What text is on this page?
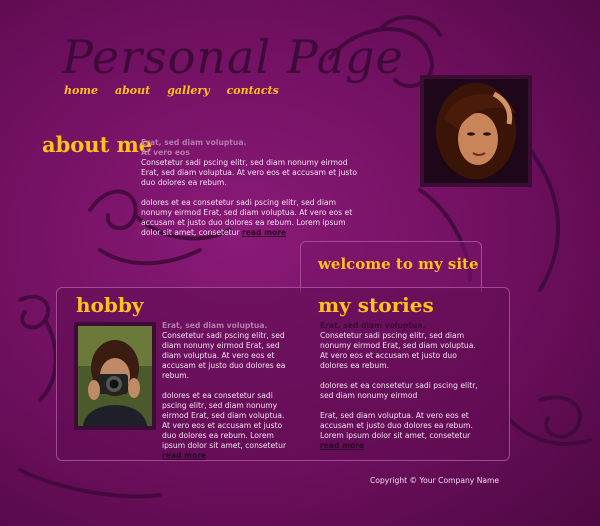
Personal Page
home about gallery contacts
about me
Erat, sed diam voluptua.
At vero eos
Consetetur sadi pscing elitr, sed diam nonumy eirmod Erat, sed diam voluptua. At vero eos et accusam et justo duo dolores ea rebum.
dolores et ea consetetur sadi pscing elitr, sed diam nonumy eirmod Erat, sed diam voluptua. At vero eos et accusam et justo duo dolores ea rebum. Lorem ipsum dolor sit amet, consetetur read more
welcome to my site
hobby	my stories
Erat, sed diam voluptua.
Consetetur sadi pscing elitr, sed diam nonumy eirmod Erat, sed diam voluptua. At vero eos et accusam et justo duo dolores ea rebum.
dolores et ea consetetur sadi pscing elitr, sed diam nonumy eirmod Erat, sed diam voluptua. At vero eos et accusam et justo duo dolores ea rebum. Lorem ipsum dolor sit amet, consetetur read more
Erat, sed diam voluptua.
Consetetur sadi pscing elitr, sed diam nonumy eirmod Erat, sed diam voluptua. At vero eos et accusam et justo duo dolores ea rebum.
dolores et ea consetetur sadi pscing elitr, sed diam nonumy eirmod
Erat, sed diam voluptua. At vero eos et accusam et justo duo dolores ea rebum. Lorem ipsum dolor sit amet, consetetur
read more
Copyright © Your Company Name
